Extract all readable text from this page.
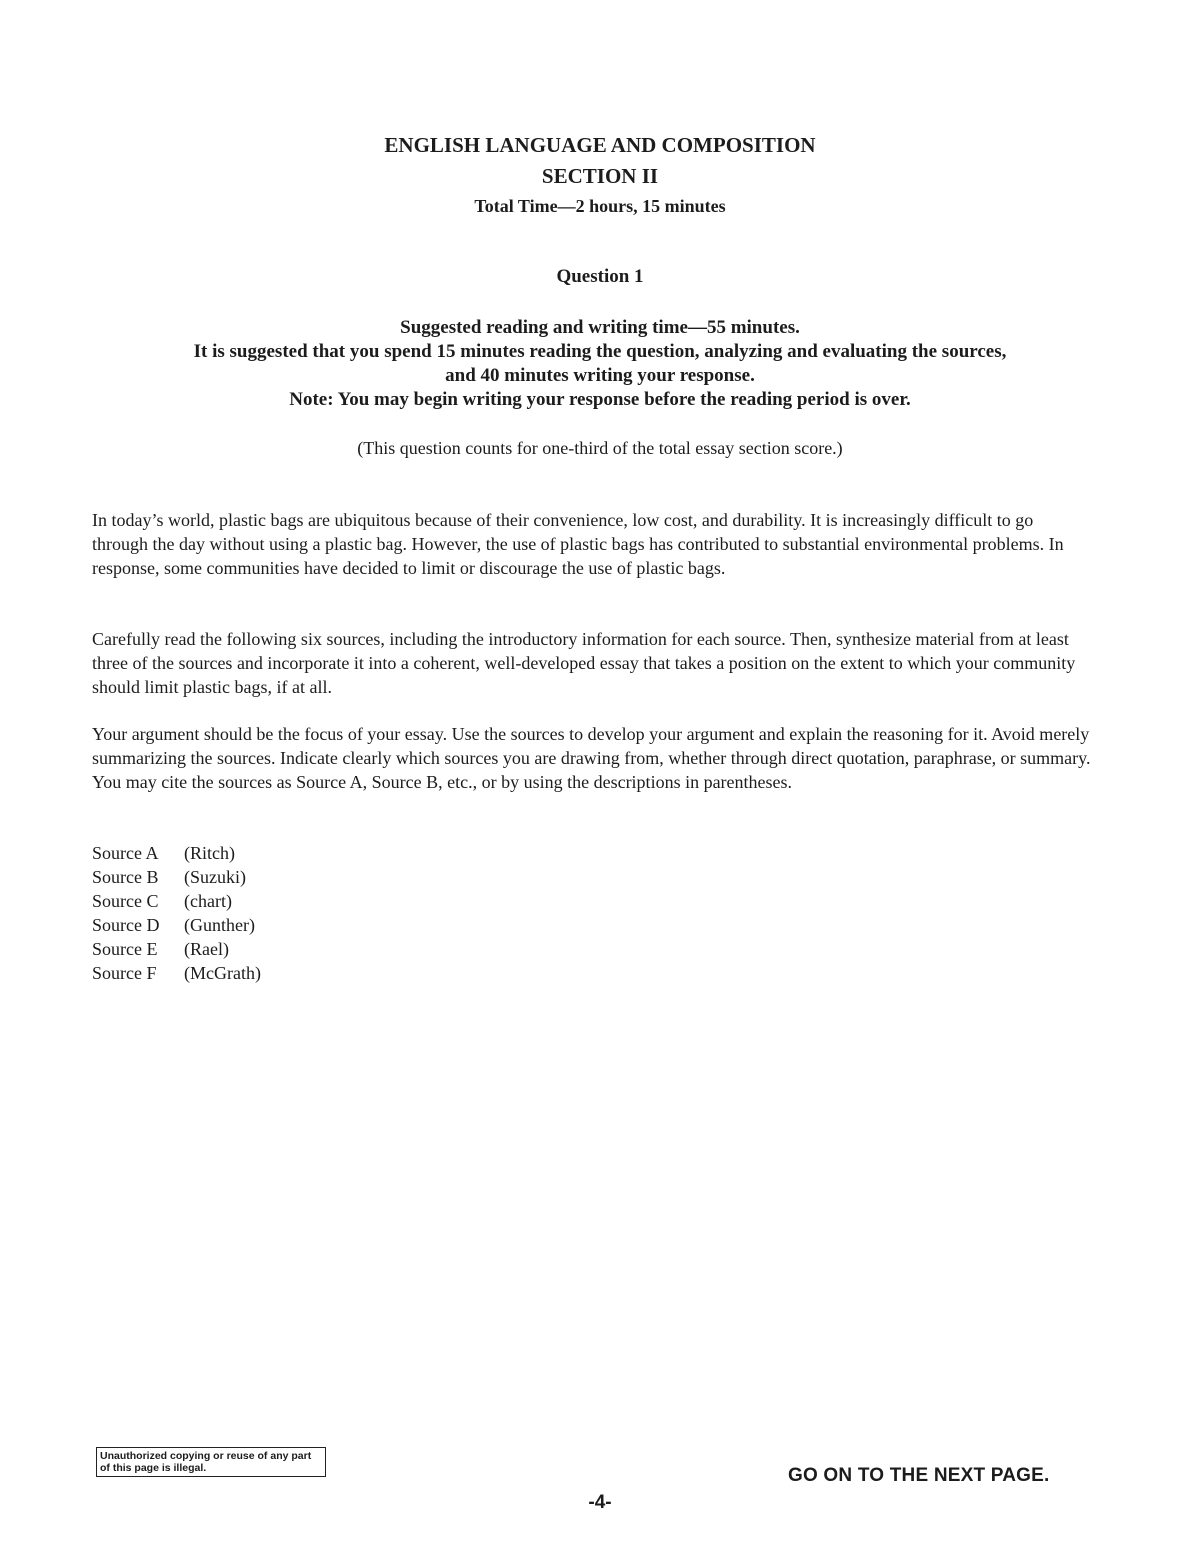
ENGLISH LANGUAGE AND COMPOSITION
SECTION II
Total Time—2 hours, 15 minutes
Question 1
Suggested reading and writing time—55 minutes.
It is suggested that you spend 15 minutes reading the question, analyzing and evaluating the sources,
and 40 minutes writing your response.
Note: You may begin writing your response before the reading period is over.
(This question counts for one-third of the total essay section score.)
In today’s world, plastic bags are ubiquitous because of their convenience, low cost, and durability. It is increasingly difficult to go through the day without using a plastic bag. However, the use of plastic bags has contributed to substantial environmental problems. In response, some communities have decided to limit or discourage the use of plastic bags.
Carefully read the following six sources, including the introductory information for each source. Then, synthesize material from at least three of the sources and incorporate it into a coherent, well-developed essay that takes a position on the extent to which your community should limit plastic bags, if at all.
Your argument should be the focus of your essay. Use the sources to develop your argument and explain the reasoning for it. Avoid merely summarizing the sources. Indicate clearly which sources you are drawing from, whether through direct quotation, paraphrase, or summary. You may cite the sources as Source A, Source B, etc., or by using the descriptions in parentheses.
Source A	(Ritch)
Source B	(Suzuki)
Source C	(chart)
Source D	(Gunther)
Source E	(Rael)
Source F	(McGrath)
Unauthorized copying or reuse of any part of this page is illegal.	GO ON TO THE NEXT PAGE.
-4-
